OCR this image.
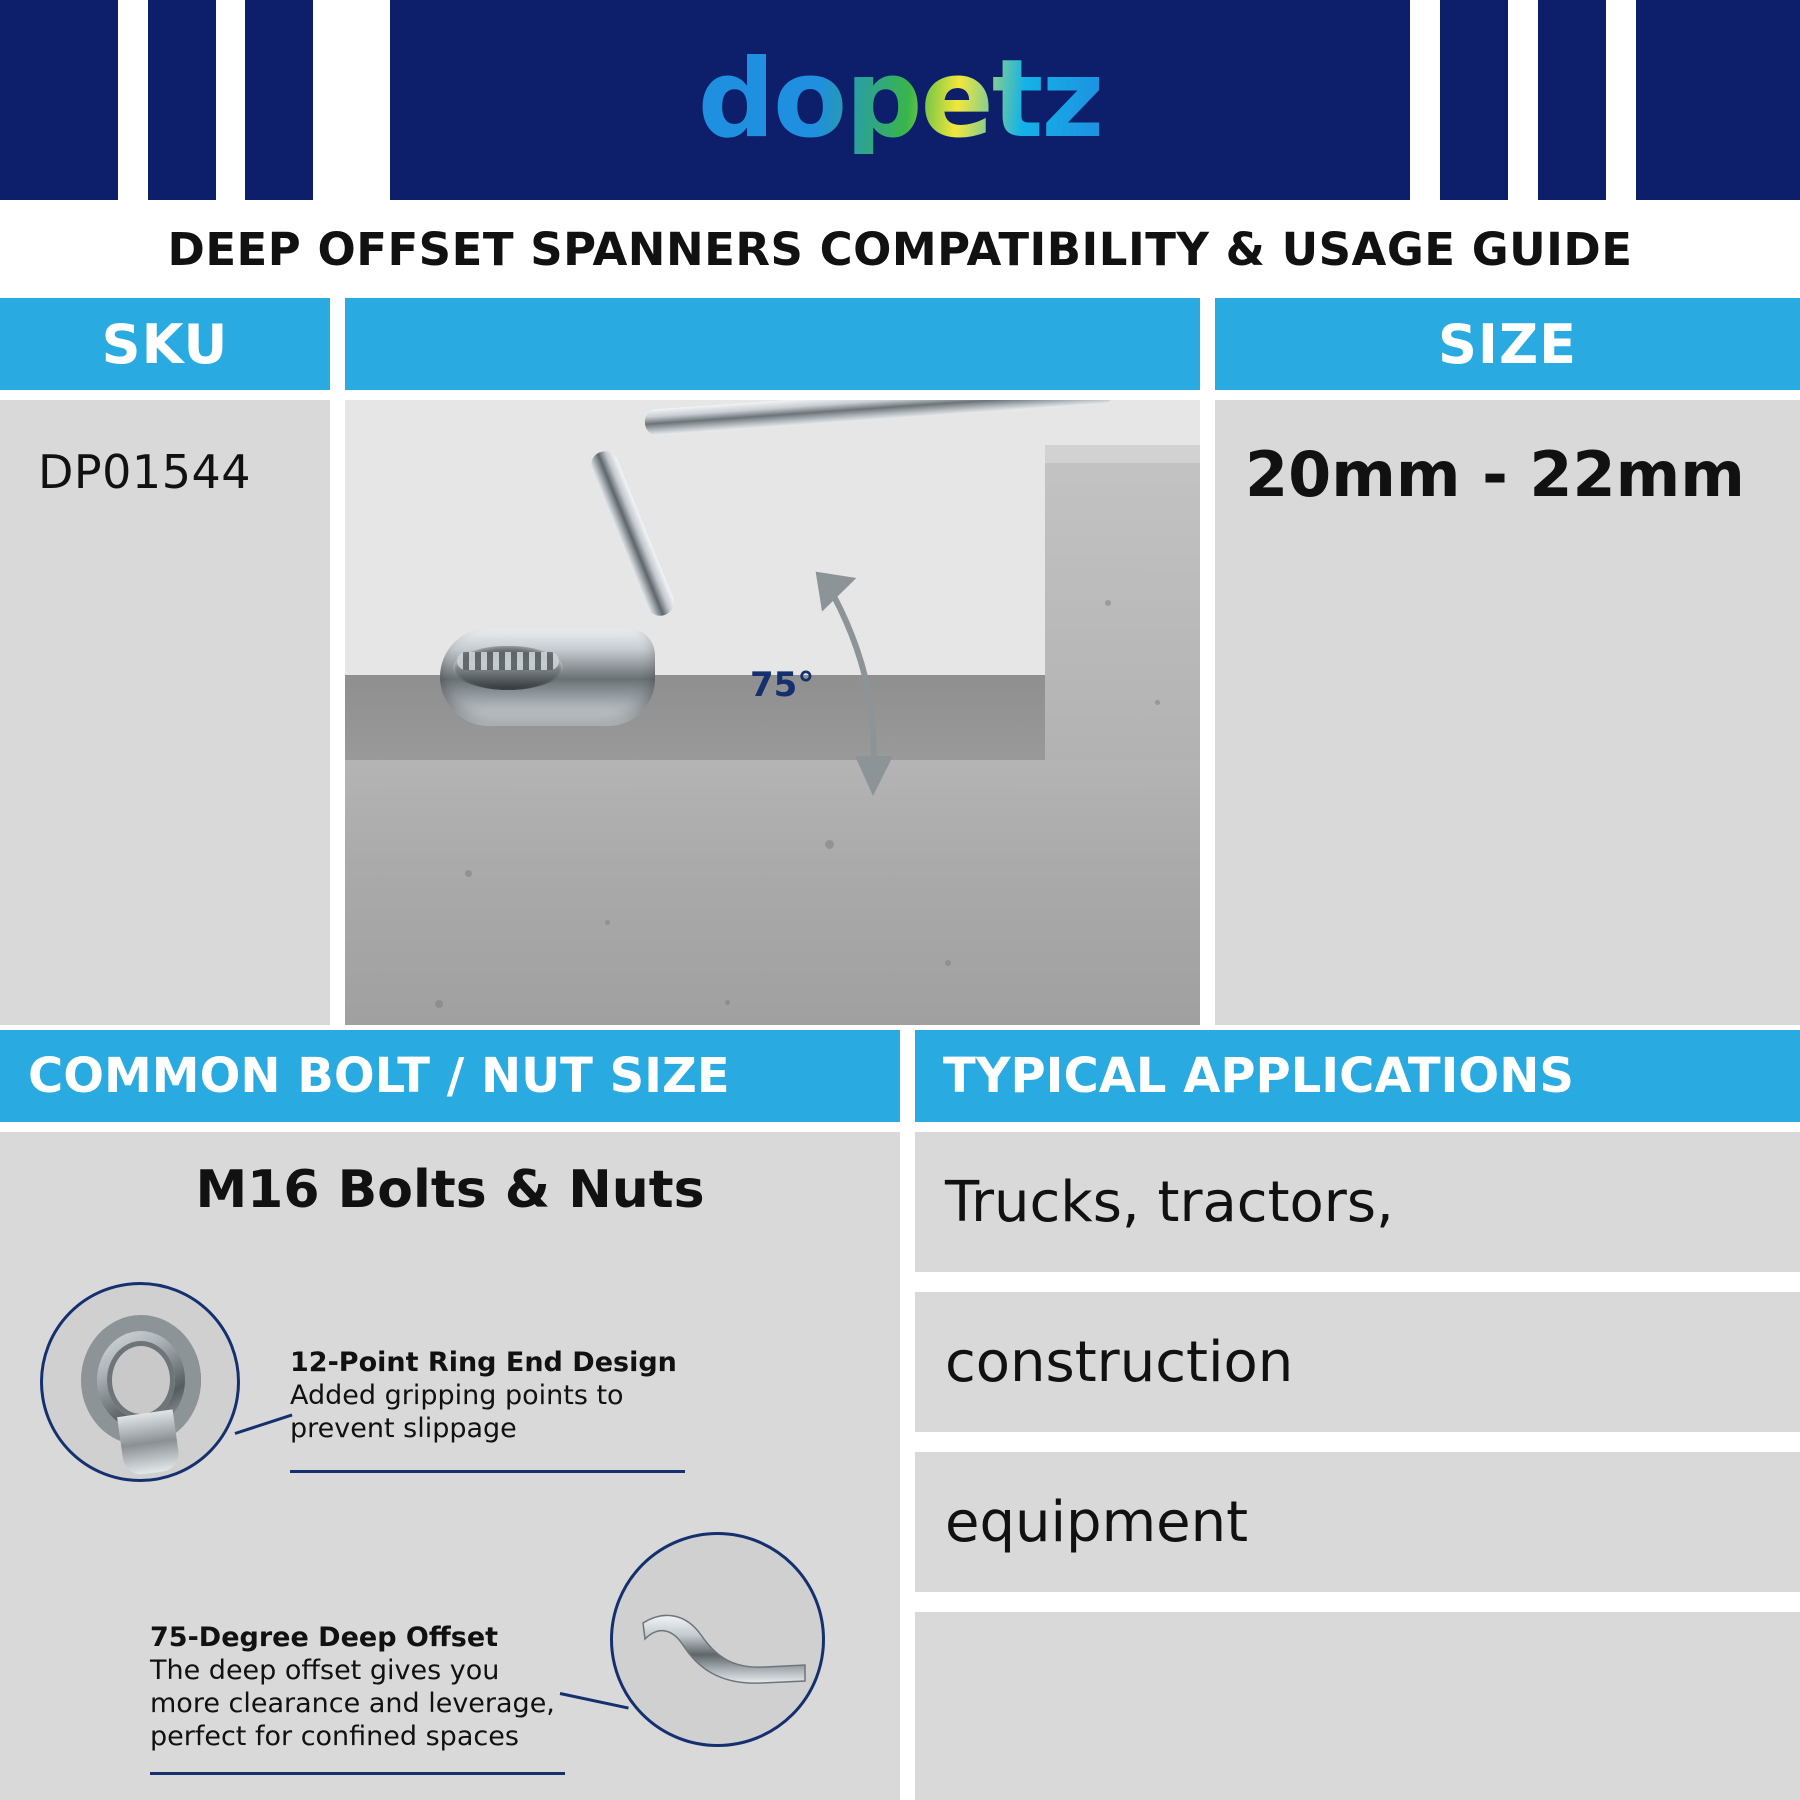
dopetz
DEEP OFFSET SPANNERS COMPATIBILITY & USAGE GUIDE
SKU	SIZE
DP01544
75°
20mm - 22mm
COMMON BOLT / NUT SIZE	TYPICAL APPLICATIONS
M16 Bolts & Nuts
12-Point Ring End Design
Added gripping points to prevent slippage
75-Degree Deep Offset
The deep offset gives you more clearance and leverage, perfect for confined spaces
Trucks, tractors,
construction
equipment
